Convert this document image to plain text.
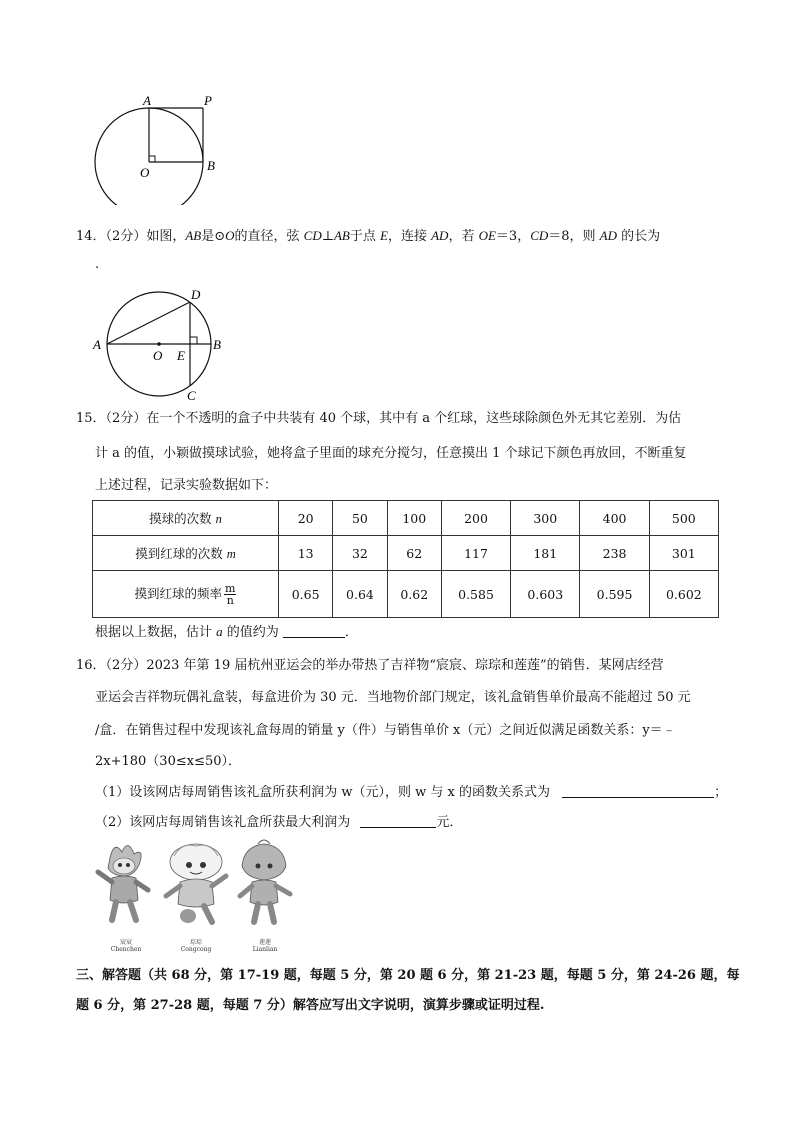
A	P
B
O
14．（2分）如图，AB是⊙O的直径，弦 CD⊥AB于点 E，连接 AD，若 OE＝3，CD＝8，则 AD 的长为
.
D
A
O E
B
C
15．（2分）在一个不透明的盒子中共装有 40 个球，其中有 a 个红球，这些球除颜色外无其它差别．为估
计 a 的值，小颖做摸球试验，她将盒子里面的球充分搅匀，任意摸出 1 个球记下颜色再放回，不断重复
上述过程，记录实验数据如下：
摸球的次数 n	20	50	100	200	300	400	500
摸到红球的次数 m	13	32	62	117	181	238	301
摸到红球的频率 $\frac{m}{n}$	0.65	0.64	0.62	0.585	0.603	0.595	0.602
根据以上数据，估计 a 的值约为	．
16．（2分）2023 年第 19 届杭州亚运会的举办带热了吉祥物“宸宸、琮琮和莲莲”的销售．某网店经营
亚运会吉祥物玩偶礼盒装，每盒进价为 30 元．当地物价部门规定，该礼盒销售单价最高不能超过 50 元
/盒．在销售过程中发现该礼盒每周的销量 y（件）与销售单价 x（元）之间近似满足函数关系：y＝﹣
2x+180（30≤x≤50）．
（1）设该网店每周销售该礼盒所获利润为 w（元），则 w 与 x 的函数关系式为	；
（2）该网店每周销售该礼盒所获最大利润为	元．
宸宸
Chenchen
琮琮
Congcong
莲莲
Lianlian
三、解答题（共 68 分，第 17-19 题，每题 5 分，第 20 题 6 分，第 21-23 题，每题 5 分，第 24-26 题，每
题 6 分，第 27-28 题，每题 7 分）解答应写出文字说明，演算步骤或证明过程.
